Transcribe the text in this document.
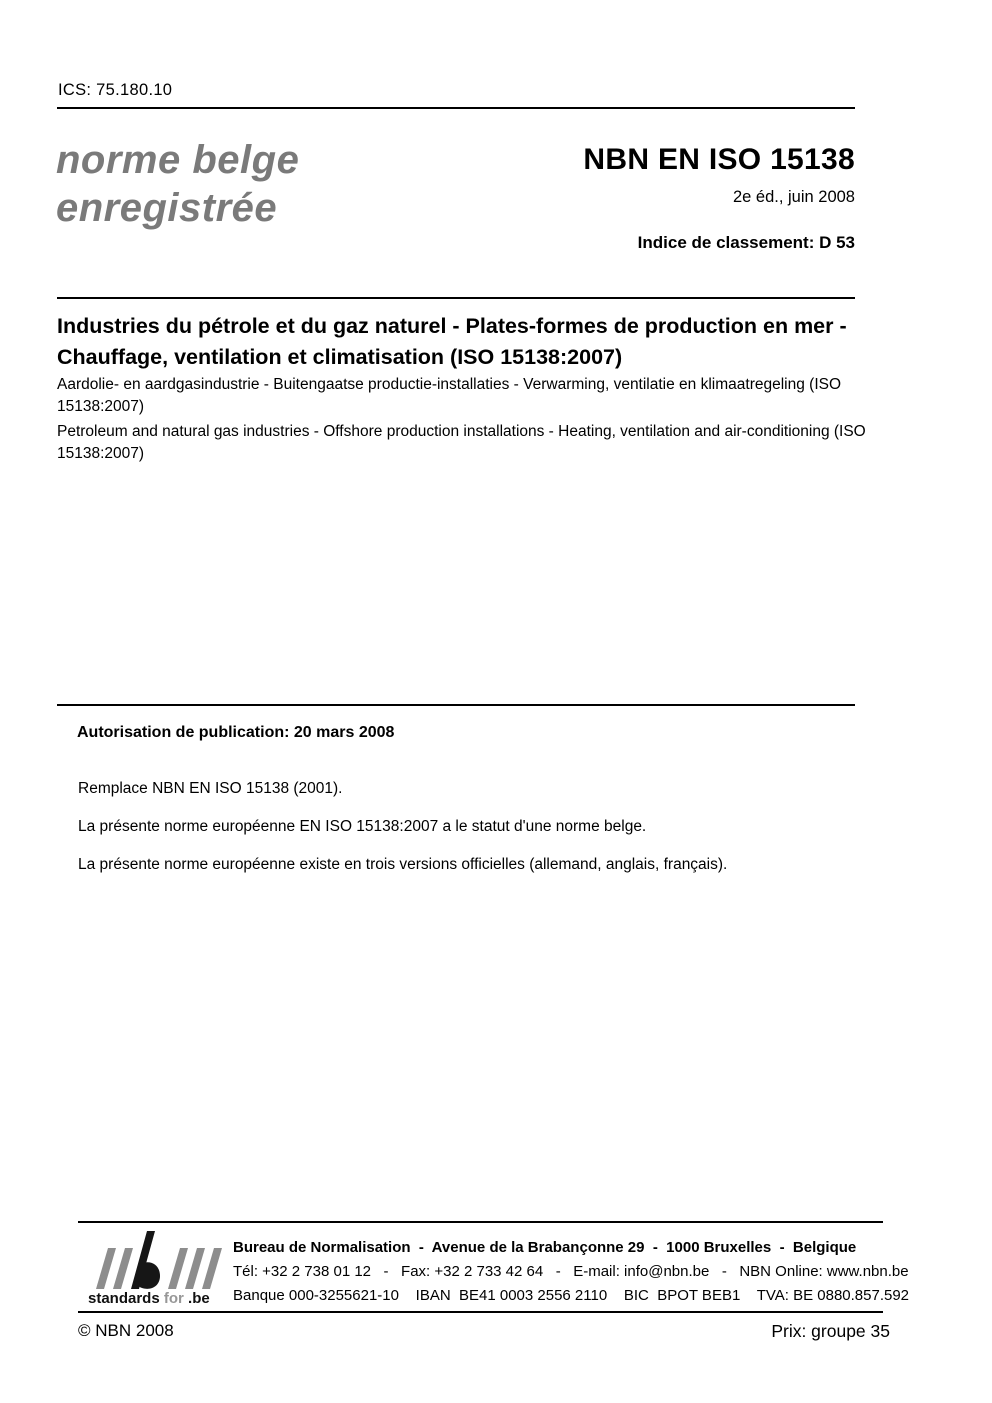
ICS: 75.180.10
norme belge
enregistrée
NBN EN ISO 15138
2e éd., juin 2008
Indice de classement: D 53
Industries du pétrole et du gaz naturel - Plates-formes de production en mer - Chauffage, ventilation et climatisation (ISO 15138:2007)

Aardolie- en aardgasindustrie - Buitengaatse productie-installaties - Verwarming, ventilatie en klimaatregeling (ISO 15138:2007)

Petroleum and natural gas industries - Offshore production installations - Heating, ventilation and air-conditioning (ISO 15138:2007)

Autorisation de publication: 20 mars 2008

Remplace NBN EN ISO 15138 (2001).

La présente norme européenne EN ISO 15138:2007 a le statut d'une norme belge.

La présente norme européenne existe en trois versions officielles (allemand, anglais, français).

standards for .be

Bureau de Normalisation  -  Avenue de la Brabançonne 29  -  1000 Bruxelles  -  Belgique

Tél: +32 2 738 01 12   -   Fax: +32 2 733 42 64   -   E-mail: info@nbn.be   -   NBN Online: www.nbn.be

Banque 000-3255621-10    IBAN  BE41 0003 2556 2110    BIC  BPOT BEB1    TVA: BE 0880.857.592

© NBN 2008	Prix: groupe 35
